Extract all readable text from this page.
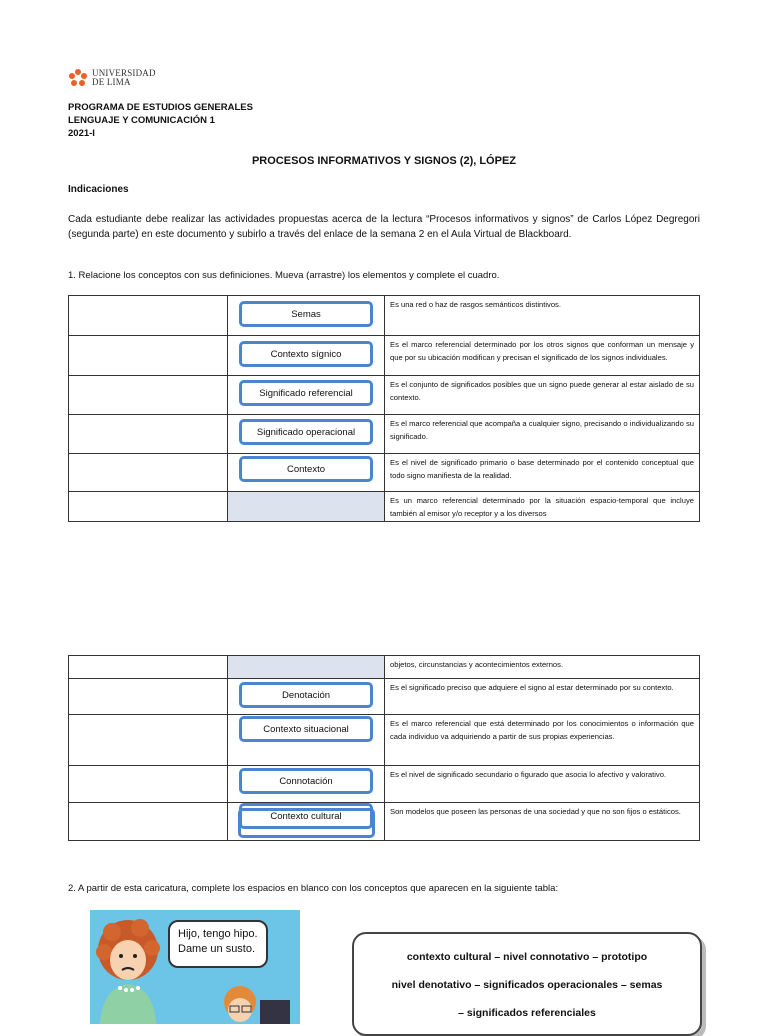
UNIVERSIDAD
DE LIMA
PROGRAMA DE ESTUDIOS GENERALES
LENGUAJE Y COMUNICACIÓN 1
2021-I
PROCESOS INFORMATIVOS Y SIGNOS (2), LÓPEZ
Indicaciones
Cada estudiante debe realizar las actividades propuestas acerca de la lectura “Procesos informativos y signos” de Carlos López Degregori (segunda parte) en este documento y subirlo a través del enlace de la semana 2 en el Aula Virtual de Blackboard.
1. Relacione los conceptos con sus definiciones. Mueva (arrastre) los elementos y complete el cuadro.

	Semas	Es una red o haz de rasgos semánticos distintivos.

	Contexto sígnico	Es el marco referencial determinado por los otros signos que conforman un mensaje y que por su ubicación modifican y precisan el significado de los signos individuales.

	Significado referencial	Es el conjunto de significados posibles que un signo puede generar al estar aislado de su contexto.

	Significado operacional	Es el marco referencial que acompaña a cualquier signo, precisando o individualizando su significado.

	Contexto	Es el nivel de significado primario o base determinado por el contenido conceptual que todo signo manifiesta de la realidad.
		Es un marco referencial determinado por la situación espacio-temporal que incluye también al emisor y/o receptor y a los diversos
		objetos, circunstancias y acontecimientos externos.

	Denotación	Es el significado preciso que adquiere el signo al estar determinado por su contexto.

	Contexto situacional	Es el marco referencial que está determinado por los conocimientos o información que cada individuo va adquiriendo a partir de sus propias experiencias.

	Connotación	Es el nivel de significado secundario o figurado que asocia lo afectivo y valorativo.

	Contexto cultural	Son modelos que poseen las personas de una sociedad y que no son fijos o estáticos.
2. A partir de esta caricatura, complete los espacios en blanco con los conceptos que aparecen en la siguiente tabla:
Hijo, tengo hipo.
Dame un susto.

contexto cultural – nivel connotativo – prototipo

nivel denotativo – significados operacionales – semas

– significados referenciales
